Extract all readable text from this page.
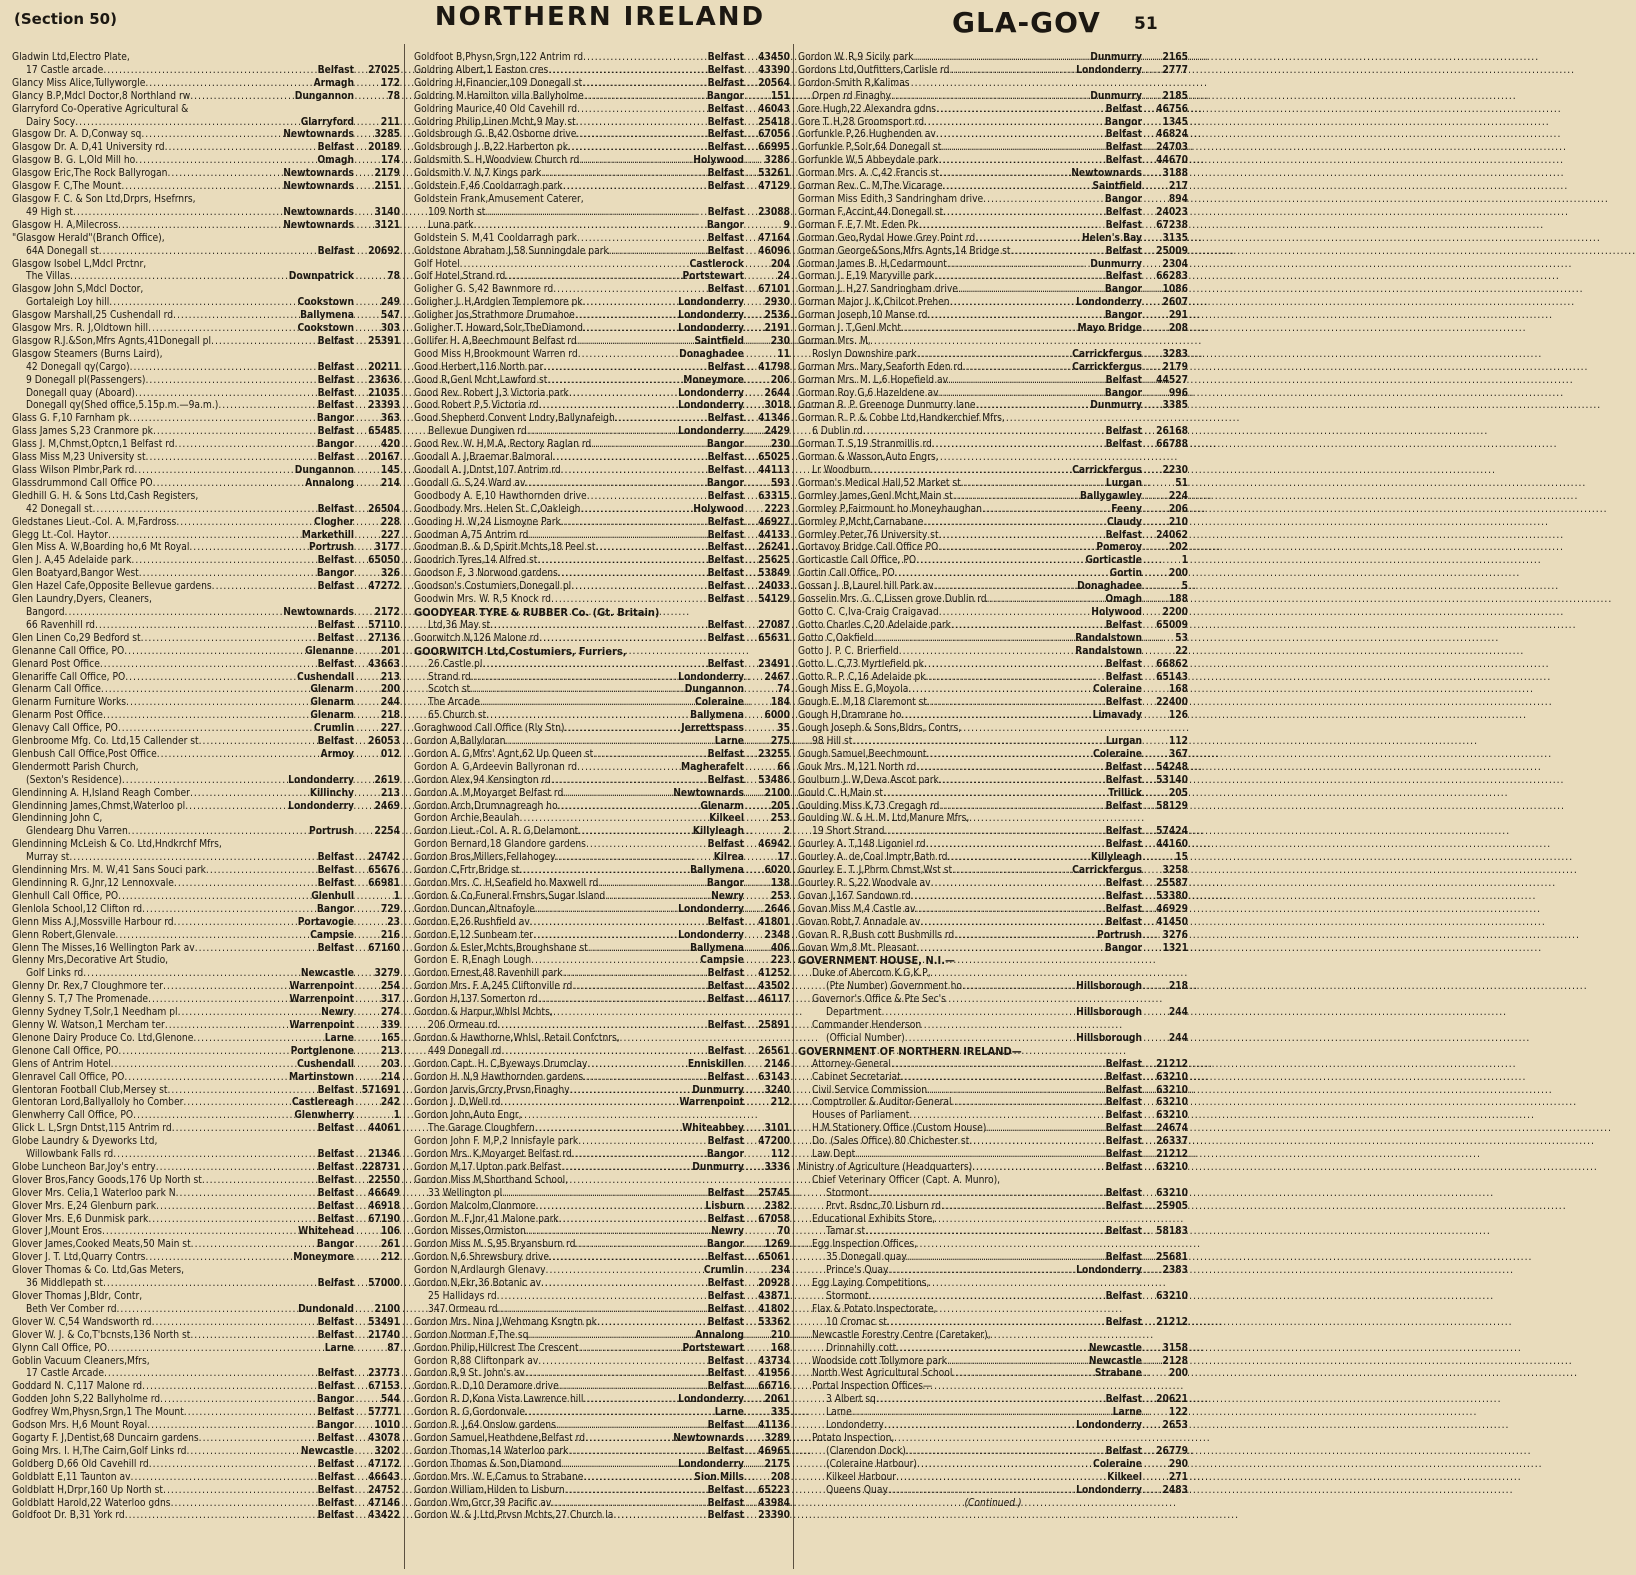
(Section 50)	NORTHERN IRELAND	GLA-GOV 51
Gladwin Ltd,Electro Plate,
17 Castle arcade .....	Belfast	27025
Glancy Miss Alice,Tullyworgle .....	Armagh	172
Glancy B.P,Mdcl Doctor,8 Northland rw .....	Dungannon	78
Glarryford Co-Operative Agricultural &
Dairy Socy .....	Glarryford	211
Glasgow Dr. A. D,Conway sq .....	Newtownards	3285
Glasgow Dr. A. D,41 University rd .....	Belfast	20189
Glasgow B. G. L,Old Mill ho .....	Omagh	174
Glasgow Eric,The Rock Ballyrogan .....	Newtownards	2179
Glasgow F. C,The Mount .....	Newtownards	2151
Glasgow F. C. & Son Ltd,Drprs, Hsefrnrs,
49 High st .....	Newtownards	3140
Glasgow H. A,Milecross .....	Newtownards	3121
"Glasgow Herald"(Branch Office),
64A Donegall st .....	Belfast	20692
Glasgow Isobel L,Mdcl Prctnr,
The Villas .....	Downpatrick	78
Glasgow John S,Mdcl Doctor,
Gortaleigh Loy hill .....	Cookstown	249
Glasgow Marshall,25 Cushendall rd .....	Ballymena	547
Glasgow Mrs. R. J,Oldtown hill .....	Cookstown	303
Glasgow R.J.&Son,Mfrs Agnts,41Donegall pl .....	Belfast	25391
Glasgow Steamers (Burns Laird),
42 Donegall qy(Cargo) .....	Belfast	20211
9 Donegall pl(Passengers) .....	Belfast	23636
Donegall quay (Aboard) .....	Belfast	21035
Donegall qy(Shed office,5.15p.m.—9a.m.) .....	Belfast	23393
Glass G. F,10 Farnham pk .....	Bangor	363
Glass James S,23 Cranmore pk .....	Belfast	65485
Glass J. M,Chmst,Optcn,1 Belfast rd .....	Bangor	420
Glass Miss M,23 University st .....	Belfast	20167
Glass Wilson Plmbr,Park rd .....	Dungannon	145
Glassdrummond Call Office PO .....	Annalong	214
Gledhill G. H. & Sons Ltd,Cash Registers,
42 Donegall st .....	Belfast	26504
Gledstanes Lieut.-Col. A. M,Fardross .....	Clogher	228
Glegg Lt.-Col. Haytor .....	Markethill	227
Glen Miss A. W,Boarding ho,6 Mt Royal .....	Portrush	3177
Glen J. A,45 Adelaide park .....	Belfast	65050
Glen Boatyard,Bangor West .....	Bangor	326
Glen Hazel Cafe,Opposite Bellevue gardens .....	Belfast	47272
Glen Laundry,Dyers, Cleaners,
Bangord .....	Newtownards	2172
66 Ravenhill rd .....	Belfast	57110
Glen Linen Co,29 Bedford st .....	Belfast	27136
Glenanne Call Office, PO .....	Glenanne	201
Glenard Post Office .....	Belfast	43663
Glenariffe Call Office, PO .....	Cushendall	213
Glenarm Call Office .....	Glenarm	200
Glenarm Furniture Works .....	Glenarm	244
Glenarm Post Office .....	Glenarm	218
Glenavy Call Office, PO .....	Crumlin	227
Glenbroome Mfg. Co. Ltd,15 Callender st .....	Belfast	26053
Glenbush Call Office,Post Office .....	Armoy	012
Glendermott Parish Church,
(Sexton's Residence) .....	Londonderry	2619
Glendinning A. H,Island Reagh Comber .....	Killinchy	213
Glendinning James,Chmst,Waterloo pl .....	Londonderry	2469
Glendinning John C,
Glendearg Dhu Varren .....	Portrush	2254
Glendinning McLeish & Co. Ltd,Hndkrchf Mfrs,
Murray st .....	Belfast	24742
Glendinning Mrs. M. W,41 Sans Souci park .....	Belfast	65676
Glendinning R. G,Jnr,12 Lennoxvale .....	Belfast	66981
Glenhull Call Office, PO .....	Glenhull	1
Glenlola School,12 Clifton rd .....	Bangor	729
Glenn Miss A.J,Mossville Harbour rd .....	Portavogie	23
Glenn Robert,Glenvale .....	Campsie	216
Glenn The Misses,16 Wellington Park av .....	Belfast	67160
Glenny Mrs,Decorative Art Studio,
Golf Links rd .....	Newcastle	3279
Glenny Dr. Rex,7 Cloughmore ter .....	Warrenpoint	254
Glenny S. T,7 The Promenade .....	Warrenpoint	317
Glenny Sydney T,Solr,1 Needham pl .....	Newry	274
Glenny W. Watson,1 Mercham ter .....	Warrenpoint	339
Glenone Dairy Produce Co. Ltd,Glenone .....	Larne	165
Glenone Call Office, PO .....	Portglenone	213
Glens of Antrim Hotel .....	Cushendall	203
Glenravel Call Office, PO .....	Martinstown	214
Glentoran Football Club,Mersey st .....	Belfast 571691
Glentoran Lord,Ballyalloly ho Comber .....	Castlereagh	242
Glenwherry Call Office, PO .....	Glenwherry	1
Glick L. L,Srgn Dntst,115 Antrim rd .....	Belfast	44061
Globe Laundry & Dyeworks Ltd,
Willowbank Falls rd .....	Belfast	21346
Globe Luncheon Bar,Joy's entry .....	Belfast 228731
Glover Bros,Fancy Goods,176 Up North st .....	Belfast	22550
Glover Mrs. Celia,1 Waterloo park N .....	Belfast	46649
Glover Mrs. E,24 Glenburn park .....	Belfast	46918
Glover Mrs. E,6 Dunmisk park .....	Belfast	67190
Glover J,Mount Eros .....	Whitehead	106
Glover James,Cooked Meats,50 Main st .....	Bangor	261
Glover J. T. Ltd,Quarry Contrs .....	Moneymore	212
Glover Thomas & Co. Ltd,Gas Meters,
36 Middlepath st .....	Belfast	57000
Glover Thomas J,Bldr, Contr,
Beth Ver Comber rd .....	Dundonald	2100
Glover W. C,54 Wandsworth rd .....	Belfast	53491
Glover W. J. & Co,T'bcnsts,136 North st .....	Belfast	21740
Glynn Call Office, PO .....	Larne	87
Goblin Vacuum Cleaners,Mfrs,
17 Castle Arcade .....	Belfast	23773
Goddard N. C,117 Malone rd .....	Belfast	67153
Godden John S,22 Ballyholme rd .....	Bangor	544
Godfrey Wm,Physn,Srgn,1 The Mount .....	Belfast	57771
Godson Mrs. H,6 Mount Royal .....	Bangor	1010
Gogarty F. J,Dentist,68 Duncairn gardens .....	Belfast	43078
Going Mrs. I. H,The Cairn,Golf Links rd .....	Newcastle	3202
Goldberg D,66 Old Cavehill rd .....	Belfast	47172
Goldblatt E,11 Taunton av .....	Belfast	46643
Goldblatt H,Drpr,160 Up North st .....	Belfast	24752
Goldblatt Harold,22 Waterloo gdns .....	Belfast	47146
Goldfoot Dr. B,31 York rd .....	Belfast	43422
Goldfoot B,Physn,Srgn,122 Antrim rd .....	Belfast	43450
Goldring Albert,1 Easton cres .....	Belfast	43390
Goldring H,Financier,109 Donegall st .....	Belfast	20564
Goldring M.Hamilton villa Ballyholme .....	Bangor	151
Goldring Maurice,40 Old Cavehill rd .....	Belfast	46043
Goldring Philip,Linen Mcht,9 May st .....	Belfast	25418
Goldsbrough G. B,42 Osborne drive .....	Belfast	67056
Goldsbrough J. B,22 Harberton pk .....	Belfast	66995
Goldsmith S. H,Woodview Church rd .....	Holywood	3286
Goldsmith V. N,7 Kings park .....	Belfast	53261
Goldstein F,46 Cooldarragh park .....	Belfast	47129
Goldstein Frank,Amusement Caterer,
109 North st .....	Belfast	23088
Luna park .....	Bangor	9
Goldstein S. M,41 Cooldarragh park .....	Belfast	47164
Goldstone Abraham J,58 Sunningdale park .....	Belfast	46096
Golf Hotel .....	Castlerock	204
Golf Hotel,Strand rd .....	Portstewart	24
Goligher G. S,42 Bawnmore rd .....	Belfast	67101
Goligher J. H,Ardglen Templemore pk .....	Londonderry	2930
Goligher Jos,Strathmore Drumahoe .....	Londonderry	2536
Goligher T. Howard,Solr,TheDiamond .....	Londonderry	2191
Gollifer H. A,Beechmount Belfast rd .....	Saintfield	230
Good Miss H,Brookmount Warren rd .....	Donaghadee	11
Good Herbert,116 North par .....	Belfast	41798
Good R,Genl Mcht,Lawford st .....	Moneymore	206
Good Rev. Robert J,3 Victoria park .....	Londonderry	2644
Good Robert P,5 Victoria rd .....	Londonderry	3018
Good Shepherd Convent Lndry,Ballynafeigh .....	Belfast	41346
Bellevue Dungiven rd .....	Londonderry	2429
Good Rev. W. H,M.A, Rectory Raglan rd .....	Bangor	230
Goodall A. J,Braemar Balmoral .....	Belfast	65025
Goodall A. J,Dntst,107 Antrim rd .....	Belfast	44113
Goodall G. S,24 Ward av .....	Bangor	593
Goodbody A. E,10 Hawthornden drive .....	Belfast	63315
Goodbody Mrs. Helen St. C,Oakleigh .....	Holywood	2223
Gooding H. W,24 Lismoyne Park .....	Belfast	46927
Goodman A,75 Antrim rd .....	Belfast	44133
Goodman B. & D,Spirit Mchts,18 Peel st .....	Belfast	26241
Goodrich Tyres,14 Alfred st .....	Belfast	25625
Goodson F, 3 Norwood gardens .....	Belfast	53849
Goodson's Costumiers,Donegall pl .....	Belfast	24033
Goodwin Mrs. W. R,5 Knock rd .....	Belfast	54129
GOODYEAR TYRE & RUBBER Co. (Gt. Britain)
Ltd,36 May st .....	Belfast	27087
Goorwitch N,126 Malone rd .....	Belfast	65631
GOORWITCH Ltd,Costumiers, Furriers,
26 Castle pl .....	Belfast	23491
Strand rd .....	Londonderry	2467
Scotch st .....	Dungannon	74
The Arcade .....	Coleraine	184
65 Church st .....	Ballymena	6000
Goraghwood Call Office (Rly Stn) .....	Jerrettspass	35
Gordon A,Ballyloran .....	Larne	275
Gordon A. G,Mfrs' Agnt,62 Up Queen st .....	Belfast	23255
Gordon A. G,Ardeevin Ballyronan rd .....	Magherafelt	66
Gordon Alex,94 Kensington rd .....	Belfast	53486
Gordon A. M,Moyarget Belfast rd .....	Newtownards	2100
Gordon Arch,Drumnagreagh ho .....	Glenarm	205
Gordon Archie,Beaulah .....	Kilkeel	253
Gordon Lieut.-Col. A. R. G,Delamont .....	Killyleagh	2
Gordon Bernard,18 Glandore gardens .....	Belfast	46942
Gordon Bros,Millers,Fellahogey .....	Kilrea	17
Gordon C,Frtr,Bridge st .....	Ballymena	6020
Gordon Mrs. C. H,Seafield ho Maxwell rd .....	Bangor	138
Gordon & Co,Funeral Frnshrs,Sugar Island .....	Newry	253
Gordon Duncan,Altnafoyle .....	Londonderry	2646
Gordon E,26 Rushfield av .....	Belfast	41801
Gordon E,12 Sunbeam ter .....	Londonderry	2348
Gordon & Esler,Mchts,Broughshane st .....	Ballymena	406
Gordon E. R,Enagh Lough .....	Campsie	223
Gordon Ernest,48 Ravenhill park .....	Belfast	41252
Gordon Mrs. F. A,245 Cliftonville rd .....	Belfast	43502
Gordon H,137 Somerton rd .....	Belfast	46117
Gordon & Harpur,Whlsl Mchts,
206 Ormeau rd .....	Belfast	25891
Gordon & Hawthorne,Whlsl, Retail Confctnrs,
449 Donegall rd .....	Belfast	26561
Gordon Capt. H. C,Byeways Drumclay .....	Enniskillen	2146
Gordon H. N,9 Hawthornden gardens .....	Belfast	63143
Gordon Jarvis,Grcry,Prvsn,Finaghy .....	Dunmurry	3240
Gordon J. D,Well rd .....	Warrenpoint	212
Gordon John,Auto Engr,
The Garage Cloughfern .....	Whiteabbey	3101
Gordon John F. M,P,2 Innisfayle park .....	Belfast	47200
Gordon Mrs. K,Moyarget Belfast rd .....	Bangor	112
Gordon M,17 Upton park Belfast .....	Dunmurry	3336
Gordon Miss M,Shorthand School,
33 Wellington pl .....	Belfast	25745
Gordon Malcolm,Clonmore .....	Lisburn	2382
Gordon M. F,Jnr,41 Malone park .....	Belfast	67058
Gordon Misses,Ormiston .....	Newry	70
Gordon Miss M. S,95 Bryansburn rd .....	Bangor	1269
Gordon N,6 Shrewsbury drive .....	Belfast	65061
Gordon N,Ardlaurgh Glenavy .....	Crumlin	234
Gordon N,Ekr,36 Botanic av .....	Belfast	20928
25 Hallidays rd .....	Belfast	43871
347 Ormeau rd .....	Belfast	41802
Gordon Mrs. Nina J,Wehmang Ksngtn pk .....	Belfast	53362
Gordon Norman F,The sq .....	Annalong	210
Gordon Philip,Hillcrest The Crescent .....	Portstewart	168
Gordon R,88 Cliftonpark av .....	Belfast	43734
Gordon R,9 St. John's av .....	Belfast	41956
Gordon R. D,10 Deramore drive .....	Belfast	66716
Gordon R. D,Kona Vista Lawrence hill .....	Londonderry	2061
Gordon R. G,Gordonvale .....	Larne	335
Gordon R. J,64 Onslow gardens .....	Belfast	41136
Gordon Samuel,Heathdene,Belfast rd .....	Newtownards	3289
Gordon Thomas,14 Waterloo park .....	Belfast	46965
Gordon Thomas & Son,Diamond .....	Londonderry	2175
Gordon Mrs. W. E,Camus to Strabane .....	Sion Mills	208
Gordon William,Hilden to Lisburn .....	Belfast	65223
Gordon Wm,Grcr,39 Pacific av .....	Belfast	43984
Gordon W. & J.Ltd,Prvsn Mchts,27 Church la .....	Belfast	23390
Gordon W. R,9 Sicily park .....	Dunmurry	2165
Gordons Ltd,Outfitters,Carlisle rd .....	Londonderry	2777
Gordon-Smith R,Kalimas
Orpen rd Finaghy .....	Dunmurry	2185
Gore Hugh,22 Alexandra gdns .....	Belfast	46756
Gore T. H,28 Groomsport rd .....	Bangor	1345
Gorfunkle P,26 Hughenden av .....	Belfast	46824
Gorfunkle P,Solr,64 Donegall st .....	Belfast	24703
Gorfunkle W,5 Abbeydale park .....	Belfast	44670
Gorman Mrs. A. C,42 Francis st .....	Newtownards	3188
Gorman Rev. C. M,The Vicarage .....	Saintfield	217
Gorman Miss Edith,3 Sandringham drive .....	Bangor	894
Gorman F,Accint,44 Donegall st .....	Belfast	24023
Gorman F. E,7 Mt. Eden Pk .....	Belfast	67238
Gorman Geo,Rydal Howe Grey Point rd .....	Helen's Bay	3135
Gorman George&Sons,Mfrs Agnts,14 Bridge st .....	Belfast	25009
Gorman James B. H,Cedarmount .....	Dunmurry	2304
Gorman J. E,19 Maryville park .....	Belfast	66283
Gorman J. H,27 Sandringham drive .....	Bangor	1086
Gorman Major J. K,Chilcot Prehen .....	Londonderry	2607
Gorman Joseph,10 Manse rd .....	Bangor	291
Gorman J. T,Genl Mcht .....	Mayo Bridge	208
Gorman Mrs. M,
Roslyn Downshire park .....	Carrickfergus	3283
Gorman Mrs. Mary,Seaforth Eden rd .....	Carrickfergus	2179
Gorman Mrs. M. L,6 Hopefield av .....	Belfast	44527
Gorman Roy G,6 Hazeldene av .....	Bangor	996
Gorman R. P. Greenoge Dunmurry lane .....	Dunmurry	3385
Gorman R. P. & Cobbe Ltd,Handkerchief Mfrs,
6 Dublin rd .....	Belfast	26168
Gorman T. S,19 Stranmillis rd .....	Belfast	66788
Gorman & Wasson,Auto Engrs,
Lr Woodburn .....	Carrickfergus	2230
Gorman's Medical Hall,52 Market st .....	Lurgan	51
Gormley James,Genl Mcht,Main st .....	Ballygawley	224
Gormley P,Fairmount ho Moneyhaughan .....	Feeny	206
Gormley P,Mcht,Carnabane .....	Claudy	210
Gormley Peter,76 University st .....	Belfast	24062
Gortavoy Bridge Call Office PO .....	Pomeroy	202
Gorticastle Call Office, PO .....	Gorticastle	1
Gortin Call Office, PO .....	Gortin	200
Gossan J. B,Laurel hill Park av .....	Donaghadee	5
Gosselin Mrs. G. C,Lissen grove Dublin rd .....	Omagh	188
Gotto C. C,Iva-Craig Craigavad .....	Holywood	2200
Gotto Charles C,20 Adelaide park .....	Belfast	65009
Gotto C,Oakfield .....	Randalstown	53
Gotto J. P. C. Brierfield .....	Randalstown	22
Gotto L. C,73 Myrtlefield pk .....	Belfast	66862
Gotto R. P. C,16 Adelaide pk .....	Belfast	65143
Gough Miss E. G,Moyola .....	Coleraine	168
Gough E. M,18 Claremont st .....	Belfast	22400
Gough H,Dramrane ho .....	Limavady	126
Gough Joseph & Sons,Bldrs, Contrs,
98 Hill st .....	Lurgan	112
Gough Samuel,Beechmount .....	Coleraine	367
Gouk Mrs. M,121 North rd .....	Belfast	54248
Goulburn J. W,Deva Ascot park .....	Belfast	53140
Gould C. H,Main st .....	Trillick	205
Goulding Miss K,73 Cregagh rd .....	Belfast	58129
Goulding W. & H. M. Ltd,Manure Mfrs,
19 Short Strand .....	Belfast	57424
Gourley A. T,148 Ligoniel rd .....	Belfast	44160
Gourley A. de,Coal Imptr,Bath rd .....	Killyleagh	15
Gourley E. T. J,Phrm Chmst,Wst st .....	Carrickfergus	3258
Gourley R. S,22 Woodvale av .....	Belfast	25587
Govan J,167 Sandown rd .....	Belfast	53380
Govan Miss M,4 Castle av .....	Belfast	46929
Govan Robt,7 Annadale av .....	Belfast	41450
Govan R. R,Bush cott Bushmills rd .....	Portrush	3276
Govan Wm,8 Mt. Pleasant .....	Bangor	1321
GOVERNMENT HOUSE, N.I.—
Duke of Abercorn K.G,K.P,
(Pte Number) Government ho .....	Hillsborough	218
Governor's Office & Pte Sec's
Department .....	Hillsborough	244
Commander Henderson
(Official Number) .....	Hillsborough	244
GOVERNMENT OF NORTHERN IRELAND—
Attorney-General .....	Belfast	21212
Cabinet Secretariat .....	Belfast	63210
Civil Service Commission .....	Belfast	63210
Comptroller & Auditor-General .....	Belfast	63210
Houses of Parliament .....	Belfast	63210
H.M.Stationery Office (Custom House) .....	Belfast	24674
Do. (Sales Office) 80 Chichester st .....	Belfast	26337
Law Dept .....	Belfast	21212
Ministry of Agriculture (Headquarters) .....	Belfast	63210
Chief Veterinary Officer (Capt. A. Munro),
Stormont .....	Belfast	63210
Prvt. Rsdnc,70 Lisburn rd .....	Belfast	25905
Educational Exhibits Store,
Tamar st .....	Belfast	58183
Egg Inspection Offices,
35 Donegall quay .....	Belfast	25681
Prince's Quay .....	Londonderry	2383
Egg Laying Competitions,
Stormont .....	Belfast	63210
Flax & Potato Inspectorate,
10 Cromac st .....	Belfast	21212
Newcastle Forestry Centre (Caretaker),
Drinnahilly cott .....	Newcastle	3158
Woodside cott Tollymore park .....	Newcastle	2128
North West Agricultural School .....	Strabane	200
Portal Inspection Offices—
3 Albert sq .....	Belfast	20621
Larne .....	Larne	122
Londonderry .....	Londonderry	2653
Potato Inspection,
(Clarendon Dock) .....	Belfast	26779
(Coleraine Harbour) .....	Coleraine	290
Kilkeel Harbour .....	Kilkeel	271
Queens Quay .....	Londonderry	2483
(Continued.)
